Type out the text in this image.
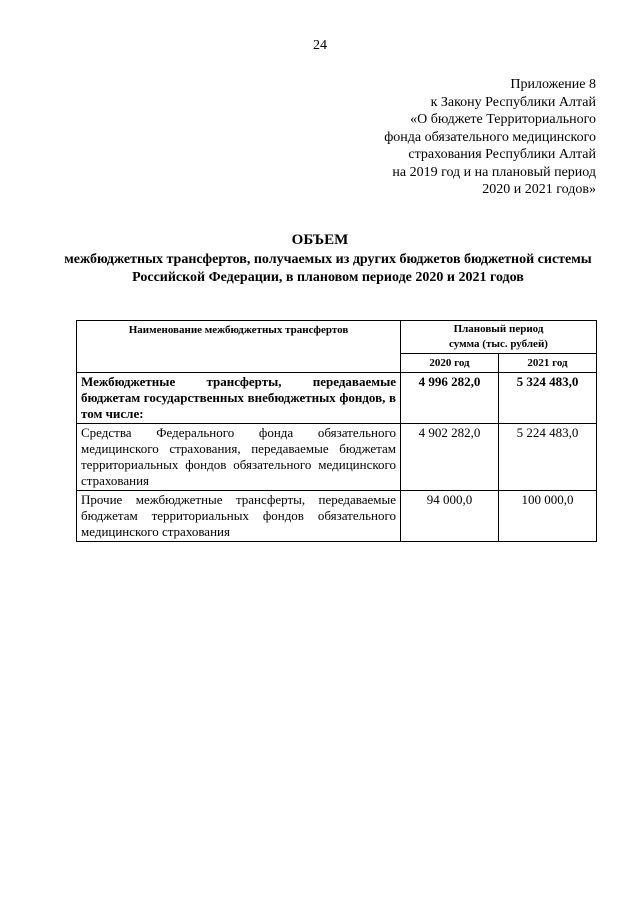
24
Приложение 8
к Закону Республики Алтай
«О бюджете Территориального
фонда обязательного медицинского
страхования Республики Алтай
на 2019 год и на плановый период
2020 и 2021 годов»
ОБЪЕМ
межбюджетных трансфертов, получаемых из других бюджетов бюджетной системы Российской Федерации, в плановом периоде 2020 и 2021 годов
Наименование межбюджетных трансфертов	Плановый период
сумма (тыс. рублей)	

	2020 год	2021 год
Межбюджетные трансферты, передаваемые бюджетам государственных внебюджетных фондов, в том числе:	4 996 282,0	5 324 483,0
Средства Федерального фонда обязательного медицинского страхования, передаваемые бюджетам территориальных фондов обязательного медицинского страхования	4 902 282,0	5 224 483,0
Прочие межбюджетные трансферты, передаваемые бюджетам территориальных фондов обязательного медицинского страхования	94 000,0	100 000,0
